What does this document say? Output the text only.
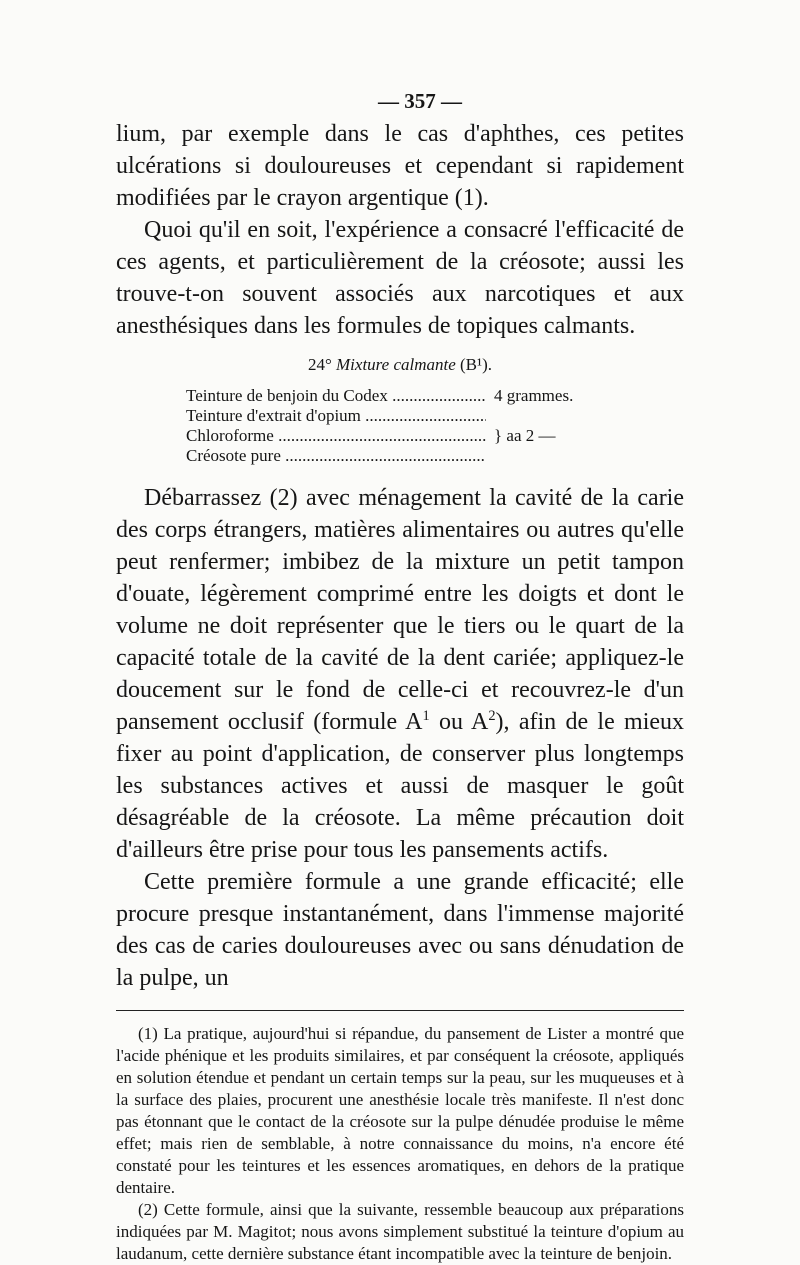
— 357 —

lium, par exemple dans le cas d'aphthes, ces petites ulcérations si douloureuses et cependant si rapidement modifiées par le crayon argentique (1).

Quoi qu'il en soit, l'expérience a consacré l'efficacité de ces agents, et particulièrement de la créosote; aussi les trouve-t-on souvent associés aux narcotiques et aux anesthésiques dans les formules de topiques calmants.

24° Mixture calmante (B¹).
Teinture de benjoin du Codex .....	4 grammes.
Teinture d'extrait d'opium .....
Chloroforme .....	} aa 2 —
Créosote pure .....

Débarrassez (2) avec ménagement la cavité de la carie des corps étrangers, matières alimentaires ou autres qu'elle peut renfermer; imbibez de la mixture un petit tampon d'ouate, légèrement comprimé entre les doigts et dont le volume ne doit représenter que le tiers ou le quart de la capacité totale de la cavité de la dent cariée; appliquez-le doucement sur le fond de celle-ci et recouvrez-le d'un pansement occlusif (formule $A^1$ ou $A^2$), afin de le mieux fixer au point d'application, de conserver plus longtemps les substances actives et aussi de masquer le goût désagréable de la créosote. La même précaution doit d'ailleurs être prise pour tous les pansements actifs.

Cette première formule a une grande efficacité; elle procure presque instantanément, dans l'immense majorité des cas de caries douloureuses avec ou sans dénudation de la pulpe, un

(1) La pratique, aujourd'hui si répandue, du pansement de Lister a montré que l'acide phénique et les produits similaires, et par conséquent la créosote, appliqués en solution étendue et pendant un certain temps sur la peau, sur les muqueuses et à la surface des plaies, procurent une anesthésie locale très manifeste. Il n'est donc pas étonnant que le contact de la créosote sur la pulpe dénudée produise le même effet; mais rien de semblable, à notre connaissance du moins, n'a encore été constaté pour les teintures et les essences aromatiques, en dehors de la pratique dentaire.

(2) Cette formule, ainsi que la suivante, ressemble beaucoup aux préparations indiquées par M. Magitot; nous avons simplement substitué la teinture d'opium au laudanum, cette dernière substance étant incompatible avec la teinture de benjoin.
